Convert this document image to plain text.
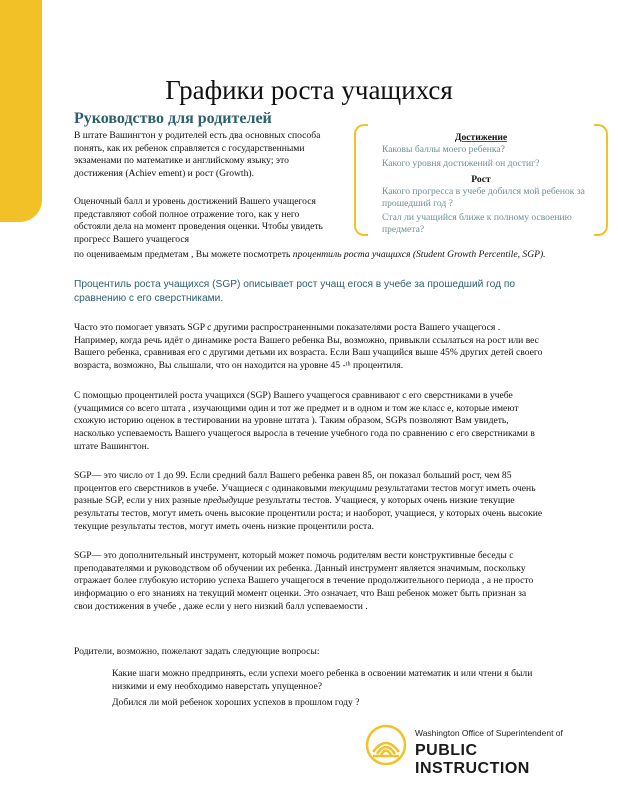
Графики роста учащихся
Руководство для родителей

В штате Вашингтон у родителей есть два основных способа понять, как их ребенок справляется с государственными экзаменами по математике и английскому языку; это достижения (Achiev ement) и рост (Growth).

Оценочный балл и уровень достижений Вашего учащегося представляют собой полное отражение того, как у него обстояли дела на момент проведения оценки. Чтобы увидеть прогресс Вашего учащегося

по оцениваемым предметам , Вы можете посмотреть процентиль роста учащихся (Student Growth Percentile, SGP).

Процентиль роста учащихся (SGP) описывает рост учащ егося в учебе за прошедший год по сравнению с его сверстниками.

Часто это помогает увязать SGP с другими распространенными показателями роста Вашего учащегося . Например, когда речь идёт о динамике роста Вашего ребенка Вы, возможно, привыкли ссылаться на рост или вес Вашего ребенка, сравнивая его с другими детьми их возраста. Если Ваш учащийся выше 45% других детей своего возраста, возможно, Вы слышали, что он находится на уровне 45 -ᵗʰ процентиля.

С помощью процентилей роста учащихся (SGP) Вашего учащегося сравнивают с его сверстниками в учебе (учащимися со всего штата , изучающими один и тот же предмет и в одном и том же класс е, которые имеют схожую историю оценок в тестировании на уровне штата ). Таким образом, SGPs позволяют Вам увидеть, насколько успеваемость Вашего учащегося выросла в течение учебного года по сравнению с его сверстниками в штате Вашингтон.

SGP— это число от 1 до 99. Если средний балл Вашего ребенка равен 85, он показал больший рост, чем 85 процентов его сверстников в учебе. Учащиеся с одинаковыми текущими результатами тестов могут иметь очень разные SGP, если у них разные предыдущие результаты тестов. Учащиеся, у которых очень низкие текущие результаты тестов, могут иметь очень высокие процентили роста; и наоборот, учащиеся, у которых очень высокие текущие результаты тестов, могут иметь очень низкие процентили роста.

SGP— это дополнительный инструмент, который может помочь родителям вести конструктивные беседы с преподавателями и руководством об обучении их ребенка. Данный инструмент является значимым, поскольку отражает более глубокую историю успеха Вашего учащегося в течение продолжительного периода , а не просто информацию о его знаниях на текущий момент оценки. Это означает, что Ваш ребенок может быть признан за свои достижения в учебе , даже если у него низкий балл успеваемости .

Родители, возможно, пожелают задать следующие вопросы:

Достижение
Каковы баллы моего ребенка?
Какого уровня достижений он достиг?
Рост
Какого прогресса в учебе добился мой ребенок за прошедший год ?
Стал ли учащийся ближе к полному освоению предмета?
Какие шаги можно предпринять, если успехи моего ребенка в освоении математик и или чтени я были низкими и ему необходимо наверстать упущенное?
Добился ли мой ребенок хороших успехов в прошлом году ?
Washington Office of Superintendent of
PUBLIC INSTRUCTION
